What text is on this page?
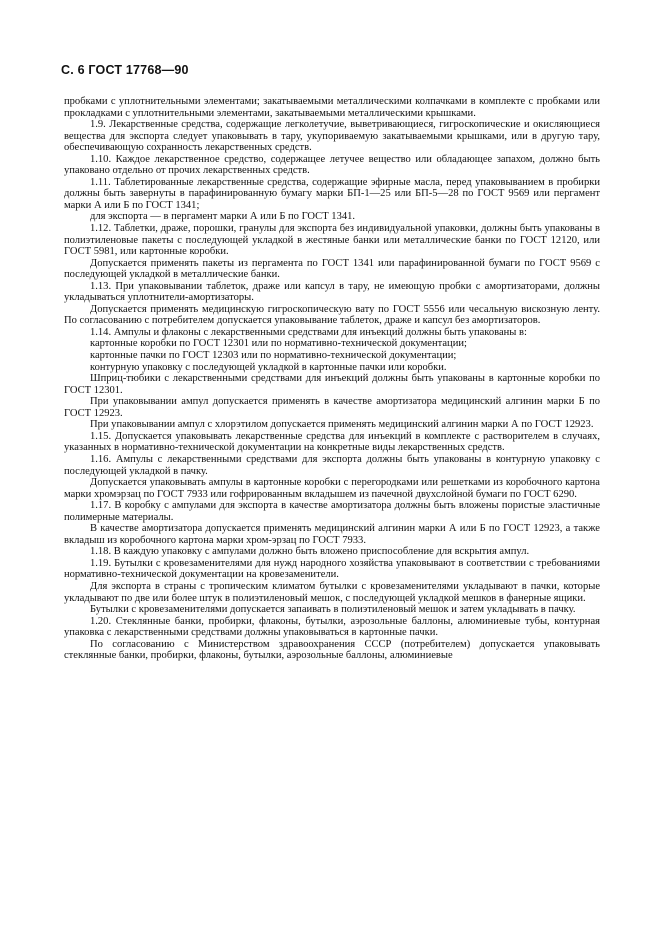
С. 6 ГОСТ 17768—90

пробками с уплотнительными элементами; закатываемыми металлическими колпачками в комплекте с пробками или прокладками с уплотнительными элементами, закатываемыми металлическими крышками.

1.9. Лекарственные средства, содержащие легколетучие, выветривающиеся, гигроскопические и окисляющиеся вещества для экспорта следует упаковывать в тару, укупориваемую закатываемыми крышками, или в другую тару, обеспечивающую сохранность лекарственных средств.

1.10. Каждое лекарственное средство, содержащее летучее вещество или обладающее запахом, должно быть упаковано отдельно от прочих лекарственных средств.

1.11. Таблетированные лекарственные средства, содержащие эфирные масла, перед упаковыванием в пробирки должны быть завернуты в парафинированную бумагу марки БП-1—25 или БП-5—28 по ГОСТ 9569 или пергамент марки А или Б по ГОСТ 1341;

для экспорта — в пергамент марки А или Б по ГОСТ 1341.

1.12. Таблетки, драже, порошки, гранулы для экспорта без индивидуальной упаковки, должны быть упакованы в полиэтиленовые пакеты с последующей укладкой в жестяные банки или металлические банки по ГОСТ 12120, или ГОСТ 5981, или картонные коробки.

Допускается применять пакеты из пергамента по ГОСТ 1341 или парафинированной бумаги по ГОСТ 9569 с последующей укладкой в металлические банки.

1.13. При упаковывании таблеток, драже или капсул в тару, не имеющую пробки с амортизаторами, должны укладываться уплотнители-амортизаторы.

Допускается применять медицинскую гигроскопическую вату по ГОСТ 5556 или чесальную вискозную ленту. По согласованию с потребителем допускается упаковывание таблеток, драже и капсул без амортизаторов.

1.14. Ампулы и флаконы с лекарственными средствами для инъекций должны быть упакованы в:

картонные коробки по ГОСТ 12301 или по нормативно-технической документации;

картонные пачки по ГОСТ 12303 или по нормативно-технической документации;

контурную упаковку с последующей укладкой в картонные пачки или коробки.

Шприц-тюбики с лекарственными средствами для инъекций должны быть упакованы в картонные коробки по ГОСТ 12301.

При упаковывании ампул допускается применять в качестве амортизатора медицинский алгинин марки Б по ГОСТ 12923.

При упаковывании ампул с хлорэтилом допускается применять медицинский алгинин марки А по ГОСТ 12923.

1.15. Допускается упаковывать лекарственные средства для инъекций в комплекте с растворителем в случаях, указанных в нормативно-технической документации на конкретные виды лекарственных средств.

1.16. Ампулы с лекарственными средствами для экспорта должны быть упакованы в контурную упаковку с последующей укладкой в пачку.

Допускается упаковывать ампулы в картонные коробки с перегородками или решетками из коробочного картона марки хромэрзац по ГОСТ 7933 или гофрированным вкладышем из пачечной двухслойной бумаги по ГОСТ 6290.

1.17. В коробку с ампулами для экспорта в качестве амортизатора должны быть вложены пористые эластичные полимерные материалы.

В качестве амортизатора допускается применять медицинский алгинин марки А или Б по ГОСТ 12923, а также вкладыш из коробочного картона марки хром-эрзац по ГОСТ 7933.

1.18. В каждую упаковку с ампулами должно быть вложено приспособление для вскрытия ампул.

1.19. Бутылки с кровезаменителями для нужд народного хозяйства упаковывают в соответствии с требованиями нормативно-технической документации на кровезаменители.

Для экспорта в страны с тропическим климатом бутылки с кровезаменителями укладывают в пачки, которые укладывают по две или более штук в полиэтиленовый мешок, с последующей укладкой мешков в фанерные ящики.

Бутылки с кровезаменителями допускается запаивать в полиэтиленовый мешок и затем укладывать в пачку.

1.20. Стеклянные банки, пробирки, флаконы, бутылки, аэрозольные баллоны, алюминиевые тубы, контурная упаковка с лекарственными средствами должны упаковываться в картонные пачки.

По согласованию с Министерством здравоохранения СССР (потребителем) допускается упаковывать стеклянные банки, пробирки, флаконы, бутылки, аэрозольные баллоны, алюминиевые
